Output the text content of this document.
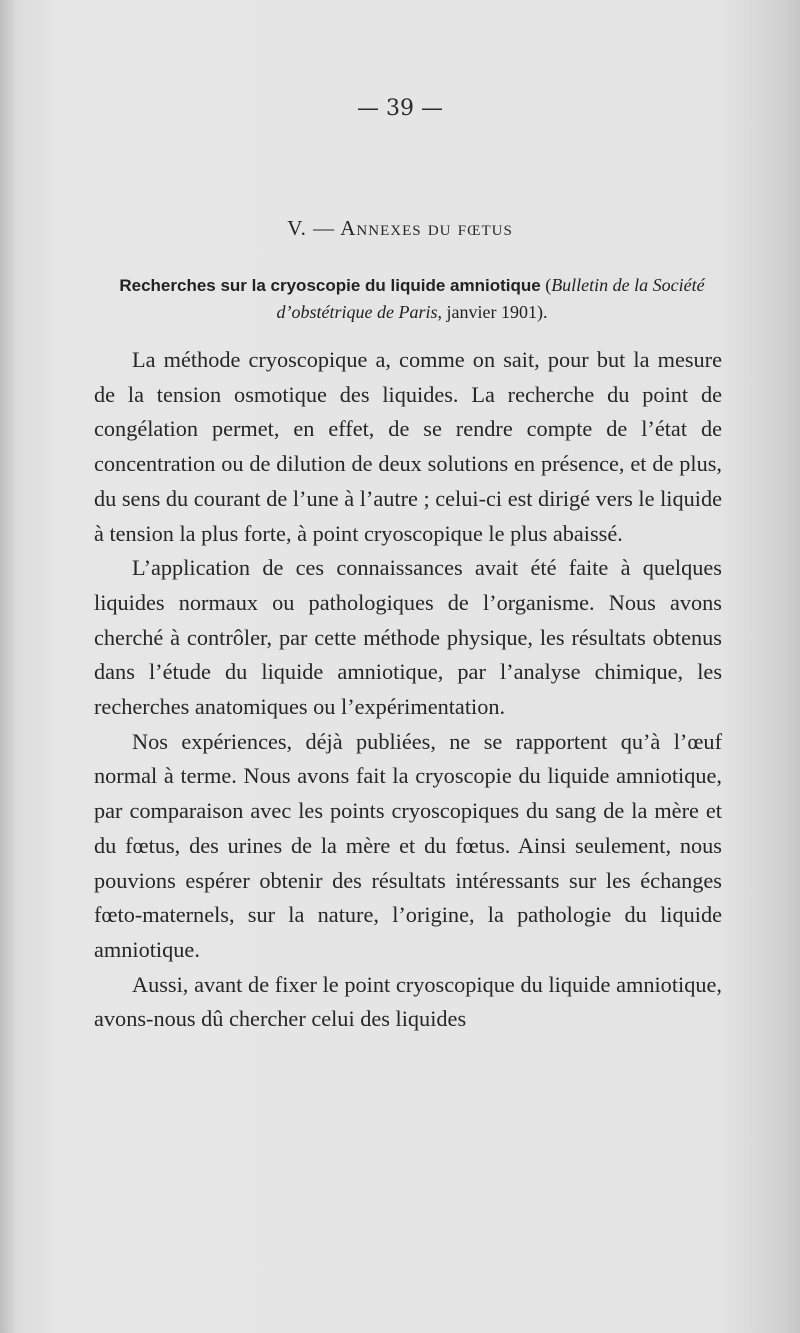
— 39 —
V. — Annexes du fœtus
Recherches sur la cryoscopie du liquide amniotique (Bulletin de la Société d’obstétrique de Paris, janvier 1901).

La méthode cryoscopique a, comme on sait, pour but la mesure de la tension osmotique des liquides. La recherche du point de congélation permet, en effet, de se rendre compte de l’état de concentration ou de dilution de deux solutions en présence, et de plus, du sens du courant de l’une à l’autre ; celui-ci est dirigé vers le liquide à tension la plus forte, à point cryoscopique le plus abaissé.

L’application de ces connaissances avait été faite à quelques liquides normaux ou pathologiques de l’organisme. Nous avons cherché à contrôler, par cette méthode physique, les résultats obtenus dans l’étude du liquide amniotique, par l’analyse chimique, les recherches anatomiques ou l’expérimentation.

Nos expériences, déjà publiées, ne se rapportent qu’à l’œuf normal à terme. Nous avons fait la cryoscopie du liquide amniotique, par comparaison avec les points cryoscopiques du sang de la mère et du fœtus, des urines de la mère et du fœtus. Ainsi seulement, nous pouvions espérer obtenir des résultats intéressants sur les échanges fœto-maternels, sur la nature, l’origine, la pathologie du liquide amniotique.

Aussi, avant de fixer le point cryoscopique du liquide amniotique, avons-nous dû chercher celui des liquides
